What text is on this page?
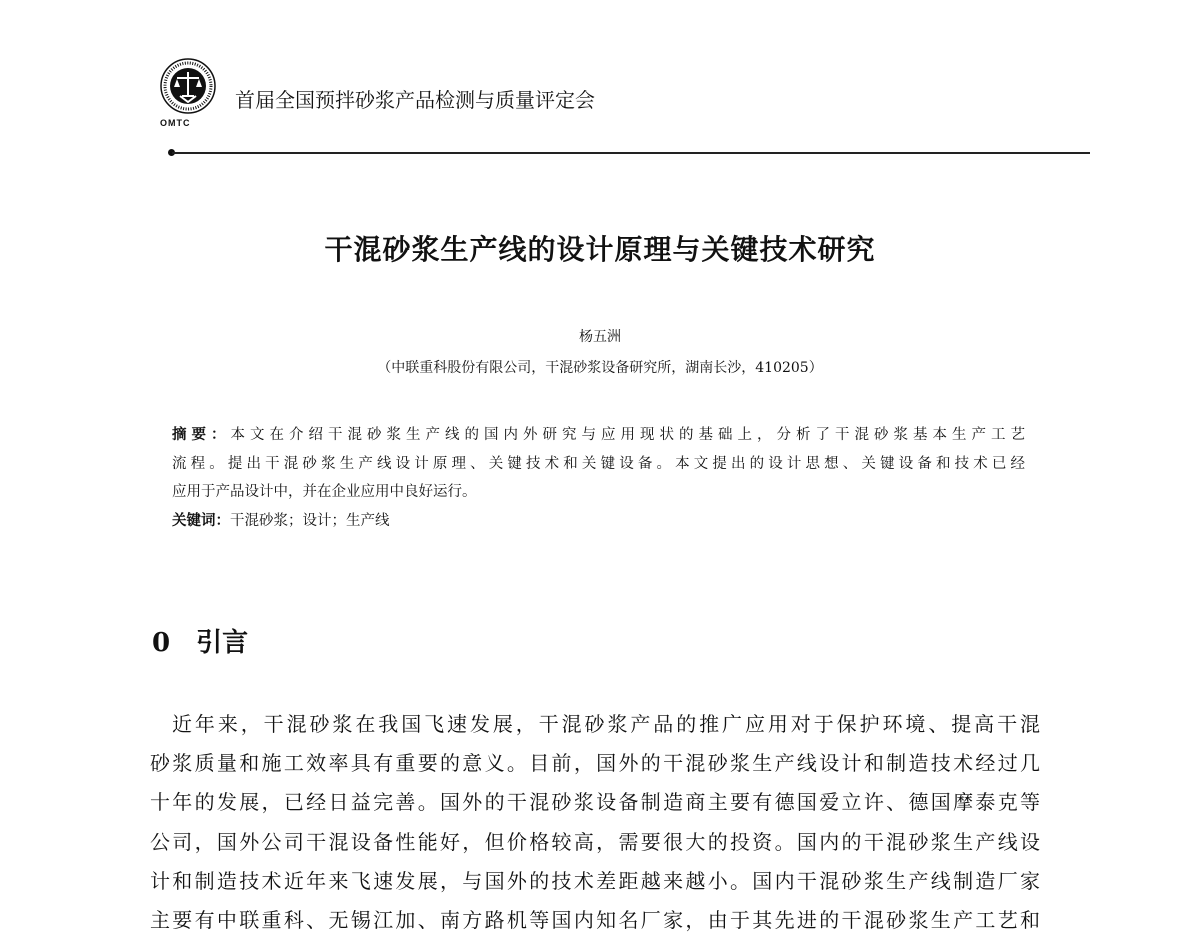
OMTC
首届全国预拌砂浆产品检测与质量评定会
干混砂浆生产线的设计原理与关键技术研究
杨五洲
（中联重科股份有限公司，干混砂浆设备研究所，湖南长沙，410205）
摘要：本文在介绍干混砂浆生产线的国内外研究与应用现状的基础上，分析了干混砂浆基本生产工艺
流程。提出干混砂浆生产线设计原理、关键技术和关键设备。本文提出的设计思想、关键设备和技术已经
应用于产品设计中，并在企业应用中良好运行。
关键词：干混砂浆；设计；生产线
0 引言
近年来，干混砂浆在我国飞速发展，干混砂浆产品的推广应用对于保护环境、提高干混
砂浆质量和施工效率具有重要的意义。目前，国外的干混砂浆生产线设计和制造技术经过几
十年的发展，已经日益完善。国外的干混砂浆设备制造商主要有德国爱立许、德国摩泰克等
公司，国外公司干混设备性能好，但价格较高，需要很大的投资。国内的干混砂浆生产线设
计和制造技术近年来飞速发展，与国外的技术差距越来越小。国内干混砂浆生产线制造厂家
主要有中联重科、无锡江加、南方路机等国内知名厂家，由于其先进的干混砂浆生产工艺和
